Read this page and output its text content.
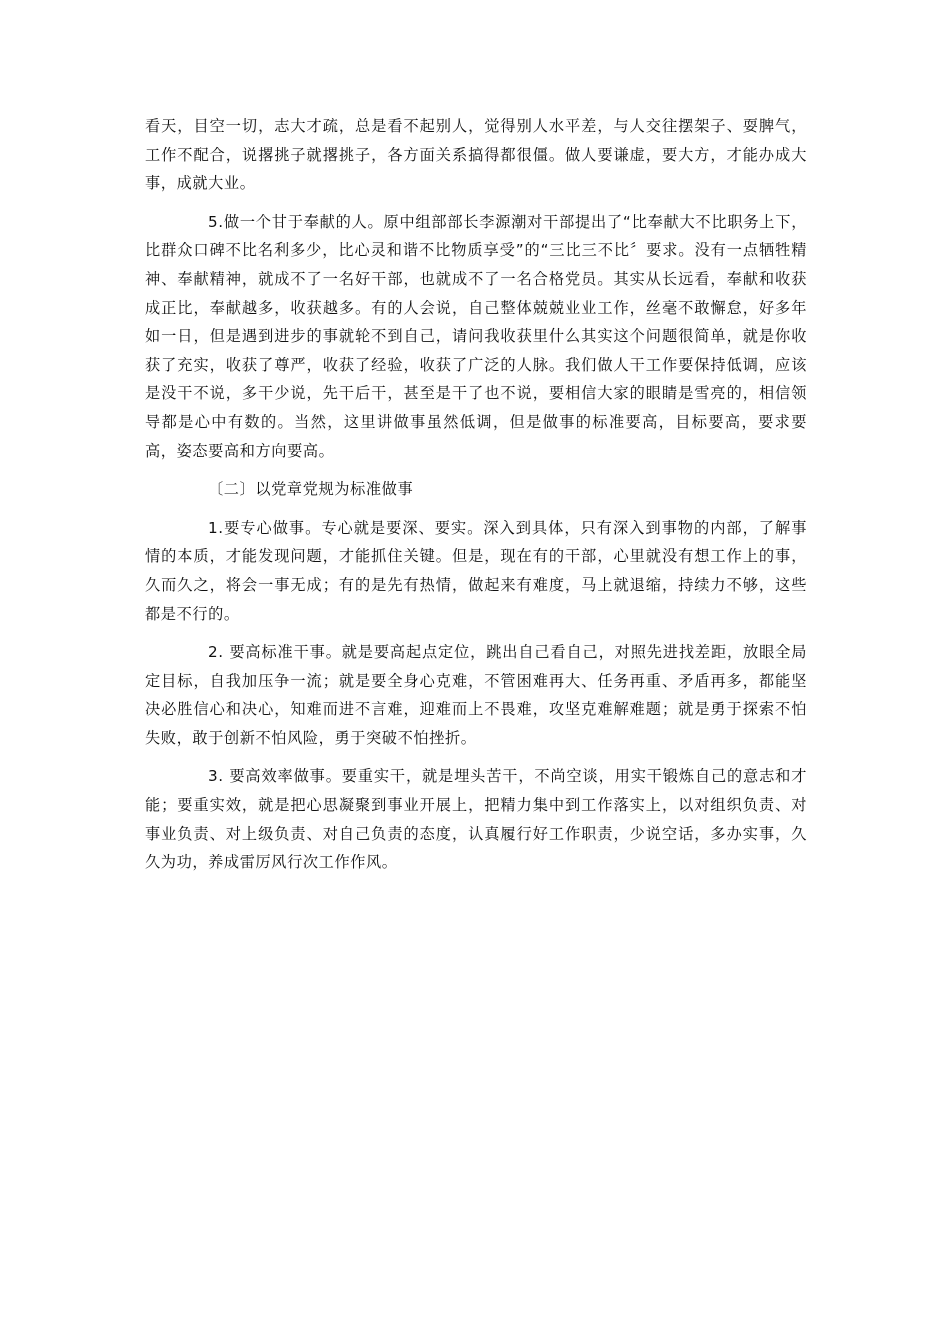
看天，目空一切，志大才疏，总是看不起别人，觉得别人水平差，与人交往摆架子、耍脾气，工作不配合，说撂挑子就撂挑子，各方面关系搞得都很僵。做人要谦虚，要大方，才能办成大事，成就大业。

5.做一个甘于奉献的人。原中组部部长李源潮对干部提出了“比奉献大不比职务上下，比群众口碑不比名利多少，比心灵和谐不比物质享受”的“三比三不比〞要求。没有一点牺牲精神、奉献精神，就成不了一名好干部，也就成不了一名合格党员。其实从长远看，奉献和收获成正比，奉献越多，收获越多。有的人会说，自己整体兢兢业业工作，丝毫不敢懈怠，好多年如一日，但是遇到进步的事就轮不到自己，请问我收获里什么其实这个问题很简单，就是你收获了充实，收获了尊严，收获了经验，收获了广泛的人脉。我们做人干工作要保持低调，应该是没干不说，多干少说，先干后干，甚至是干了也不说，要相信大家的眼睛是雪亮的，相信领导都是心中有数的。当然，这里讲做事虽然低调，但是做事的标准要高，目标要高，要求要高，姿态要高和方向要高。

〔二〕以党章党规为标准做事

1.要专心做事。专心就是要深、要实。深入到具体，只有深入到事物的内部，了解事情的本质，才能发现问题，才能抓住关键。但是，现在有的干部，心里就没有想工作上的事，久而久之，将会一事无成；有的是先有热情，做起来有难度，马上就退缩，持续力不够，这些都是不行的。

2. 要高标准干事。就是要高起点定位，跳出自己看自己，对照先进找差距，放眼全局定目标，自我加压争一流；就是要全身心克难，不管困难再大、任务再重、矛盾再多，都能坚决必胜信心和决心，知难而进不言难，迎难而上不畏难，攻坚克难解难题；就是勇于探索不怕失败，敢于创新不怕风险，勇于突破不怕挫折。

3. 要高效率做事。要重实干，就是埋头苦干，不尚空谈，用实干锻炼自己的意志和才能；要重实效，就是把心思凝聚到事业开展上，把精力集中到工作落实上，以对组织负责、对事业负责、对上级负责、对自己负责的态度，认真履行好工作职责，少说空话，多办实事，久久为功，养成雷厉风行次工作作风。
